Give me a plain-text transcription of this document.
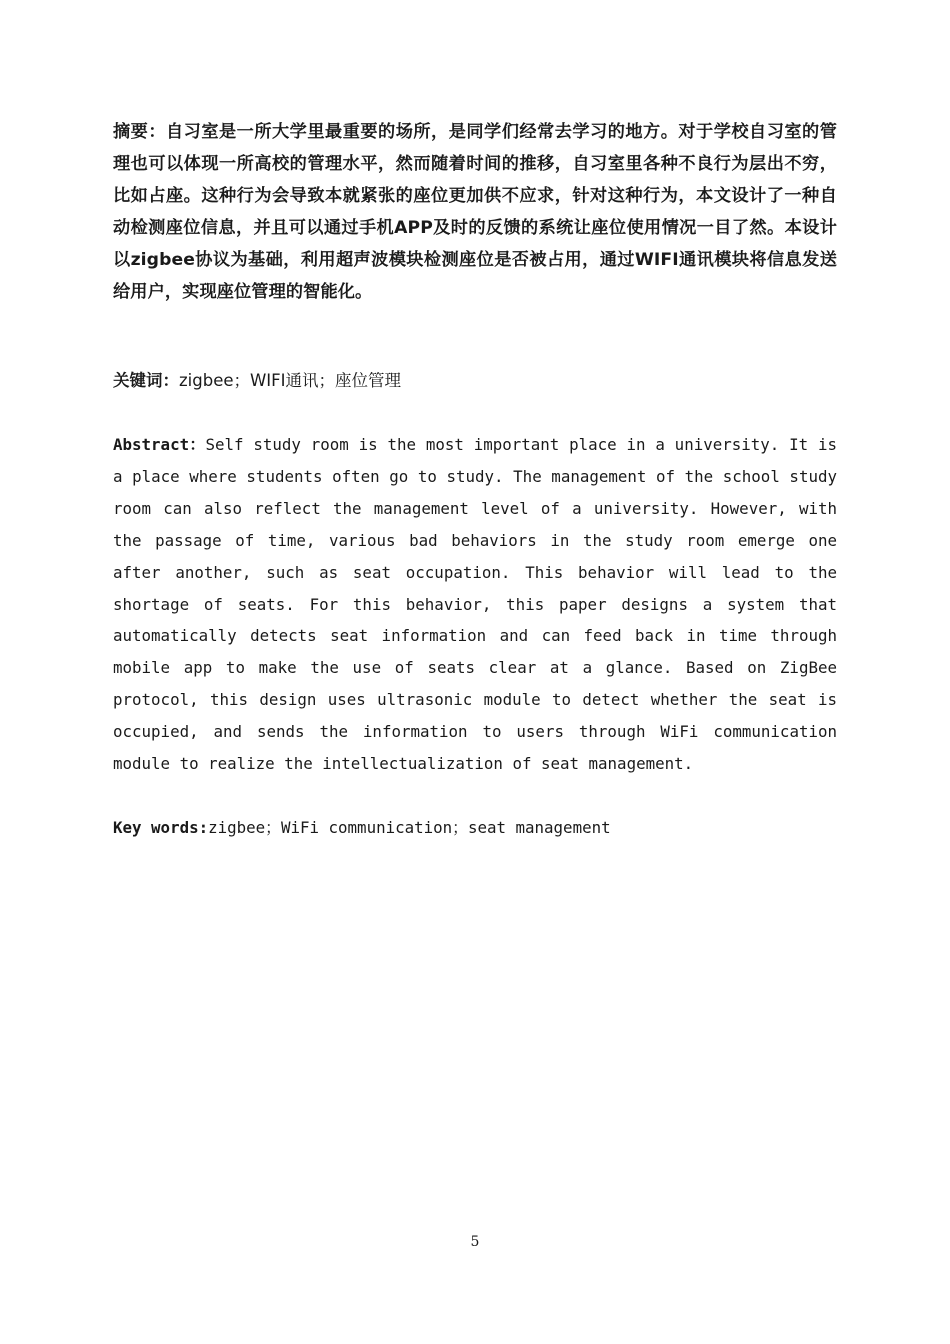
摘要：自习室是一所大学里最重要的场所，是同学们经常去学习的地方。对于学校自习室的管理也可以体现一所高校的管理水平，然而随着时间的推移，自习室里各种不良行为层出不穷，比如占座。这种行为会导致本就紧张的座位更加供不应求，针对这种行为，本文设计了一种自动检测座位信息，并且可以通过手机APP及时的反馈的系统让座位使用情况一目了然。本设计以zigbee协议为基础，利用超声波模块检测座位是否被占用，通过WIFI通讯模块将信息发送给用户，实现座位管理的智能化。

关键词：zigbee；WIFI通讯；座位管理

Abstract：Self study room is the most important place in a university. It is a place where students often go to study. The management of the school study room can also reflect the management level of a university. However, with the passage of time, various bad behaviors in the study room emerge one after another, such as seat occupation. This behavior will lead to the shortage of seats. For this behavior, this paper designs a system that automatically detects seat information and can feed back in time through mobile app to make the use of seats clear at a glance. Based on ZigBee protocol, this design uses ultrasonic module to detect whether the seat is occupied, and sends the information to users through WiFi communication module to realize the intellectualization of seat management.

Key words:zigbee；WiFi communication；seat management

5
